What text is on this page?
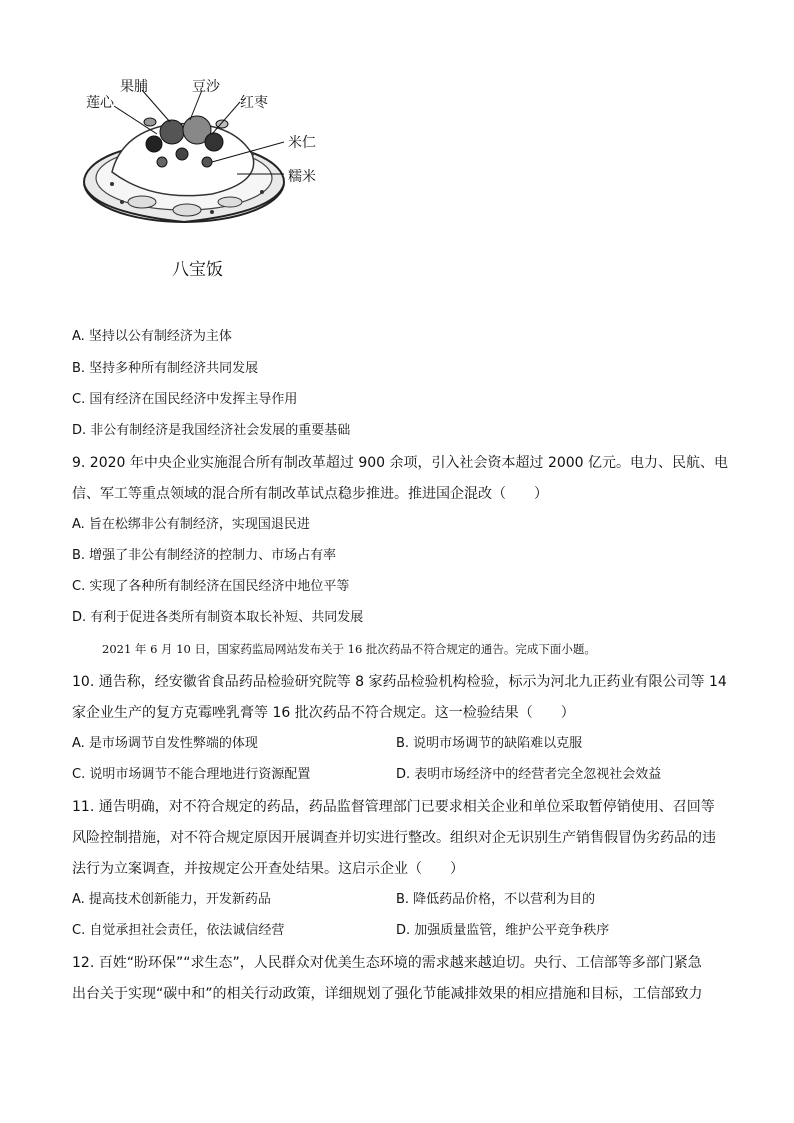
莲心
果脯	豆沙
红枣
米仁
糯米
八宝饭
A. 坚持以公有制经济为主体
B. 坚持多种所有制经济共同发展
C. 国有经济在国民经济中发挥主导作用
D. 非公有制经济是我国经济社会发展的重要基础
9. 2020 年中央企业实施混合所有制改革超过 900 余项，引入社会资本超过 2000 亿元。电力、民航、电
信、军工等重点领域的混合所有制改革试点稳步推进。推进国企混改（　　）
A. 旨在松绑非公有制经济，实现国退民进
B. 增强了非公有制经济的控制力、市场占有率
C. 实现了各种所有制经济在国民经济中地位平等
D. 有利于促进各类所有制资本取长补短、共同发展
2021 年 6 月 10 日，国家药监局网站发布关于 16 批次药品不符合规定的通告。完成下面小题。
10. 通告称，经安徽省食品药品检验研究院等 8 家药品检验机构检验，标示为河北九正药业有限公司等 14
家企业生产的复方克霉唑乳膏等 16 批次药品不符合规定。这一检验结果（　　）
A. 是市场调节自发性弊端的体现	B. 说明市场调节的缺陷难以克服
C. 说明市场调节不能合理地进行资源配置	D. 表明市场经济中的经营者完全忽视社会效益
11. 通告明确，对不符合规定的药品，药品监督管理部门已要求相关企业和单位采取暂停销使用、召回等
风险控制措施，对不符合规定原因开展调查并切实进行整改。组织对企无识别生产销售假冒伪劣药品的违
法行为立案调查，并按规定公开查处结果。这启示企业（　　）
A. 提高技术创新能力，开发新药品	B. 降低药品价格，不以营利为目的
C. 自觉承担社会责任，依法诚信经营	D. 加强质量监管，维护公平竞争秩序
12. 百姓“盼环保”“求生态”，人民群众对优美生态环境的需求越来越迫切。央行、工信部等多部门紧急
出台关于实现“碳中和”的相关行动政策，详细规划了强化节能减排效果的相应措施和目标，工信部致力
